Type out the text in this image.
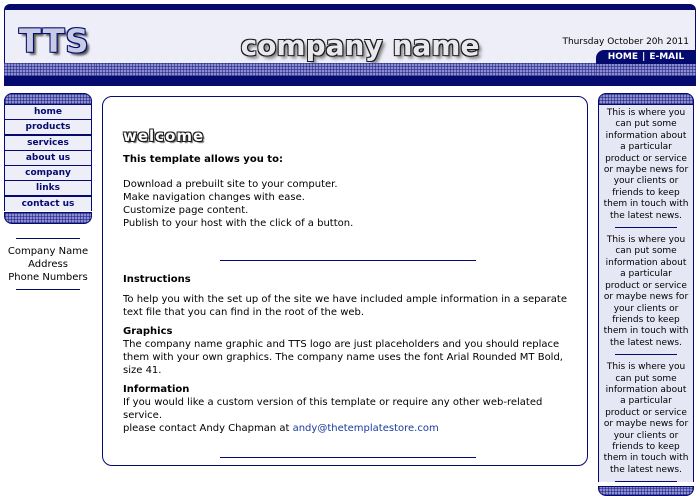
TTS	company name	Thursday October 20h 2011
HOME | E-MAIL
home
products
services
about us
company
links
contact us
Company Name
Address
Phone Numbers
welcome
This template allows you to:

Download a prebuilt site to your computer.

Make navigation changes with ease.

Customize page content.

Publish to your host with the click of a button.

Instructions

To help you with the set up of the site we have included ample information in a separate text file that you can find in the root of the web.

Graphics

The company name graphic and TTS logo are just placeholders and you should replace them with your own graphics. The company name uses the font Arial Rounded MT Bold, size 41.

Information

If you would like a custom version of this template or require any other web-related service.

please contact Andy Chapman at andy@thetemplatestore.com

This is where you can put some information about a particular product or service or maybe news for your clients or friends to keep them in touch with the latest news.
This is where you can put some information about a particular product or service or maybe news for your clients or friends to keep them in touch with the latest news.
This is where you can put some information about a particular product or service or maybe news for your clients or friends to keep them in touch with the latest news.
